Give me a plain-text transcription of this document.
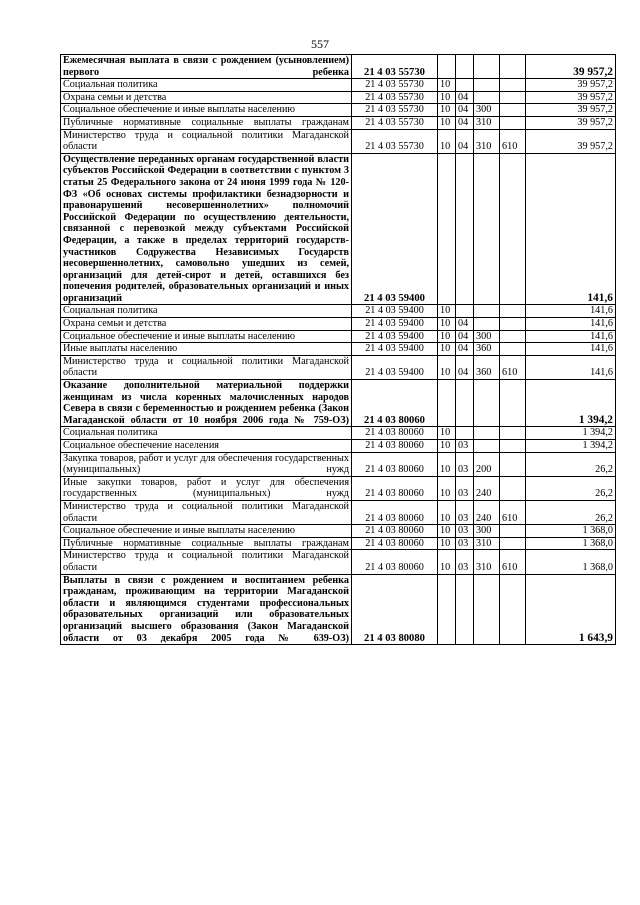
557
Ежемесячная выплата в связи с рождением (усыновлением) первого ребенка	21 4 03 55730					39 957,2
Социальная политика	21 4 03 55730	10				39 957,2
Охрана семьи и детства	21 4 03 55730	10	04			39 957,2
Социальное обеспечение и иные выплаты населению	21 4 03 55730	10	04	300		39 957,2
Публичные нормативные социальные выплаты гражданам	21 4 03 55730	10	04	310		39 957,2
Министерство труда и социальной политики Магаданской области	21 4 03 55730	10	04	310	610	39 957,2
Осуществление переданных органам государственной власти субъектов Российской Федерации в соответствии с пунктом 3 статьи 25 Федерального закона от 24 июня 1999 года № 120-ФЗ «Об основах системы профилактики безнадзорности и правонарушений несовершеннолетних» полномочий Российской Федерации по осуществлению деятельности, связанной с перевозкой между субъектами Российской Федерации, а также в пределах территорий государств-участников Содружества Независимых Государств несовершеннолетних, самовольно ушедших из семей, организаций для детей-сирот и детей, оставшихся без попечения родителей, образовательных организаций и иных организаций	21 4 03 59400					141,6
Социальная политика	21 4 03 59400	10				141,6
Охрана семьи и детства	21 4 03 59400	10	04			141,6
Социальное обеспечение и иные выплаты населению	21 4 03 59400	10	04	300		141,6
Иные выплаты населению	21 4 03 59400	10	04	360		141,6
Министерство труда и социальной политики Магаданской области	21 4 03 59400	10	04	360	610	141,6
Оказание дополнительной материальной поддержки женщинам из числа коренных малочисленных народов Севера в связи с беременностью и рождением ребенка (Закон Магаданской области от 10 ноября 2006 года № 759-ОЗ)	21 4 03 80060					1 394,2
Социальная политика	21 4 03 80060	10				1 394,2
Социальное обеспечение населения	21 4 03 80060	10	03			1 394,2
Закупка товаров, работ и услуг для обеспечения государственных (муниципальных) нужд	21 4 03 80060	10	03	200		26,2
Иные закупки товаров, работ и услуг для обеспечения государственных (муниципальных) нужд	21 4 03 80060	10	03	240		26,2
Министерство труда и социальной политики Магаданской области	21 4 03 80060	10	03	240	610	26,2
Социальное обеспечение и иные выплаты населению	21 4 03 80060	10	03	300		1 368,0
Публичные нормативные социальные выплаты гражданам	21 4 03 80060	10	03	310		1 368,0
Министерство труда и социальной политики Магаданской области	21 4 03 80060	10	03	310	610	1 368,0
Выплаты в связи с рождением и воспитанием ребенка гражданам, проживающим на территории Магаданской области и являющимся студентами профессиональных образовательных организаций или образовательных организаций высшего образования (Закон Магаданской области от 03 декабря 2005 года № 639-ОЗ)	21 4 03 80080					1 643,9
